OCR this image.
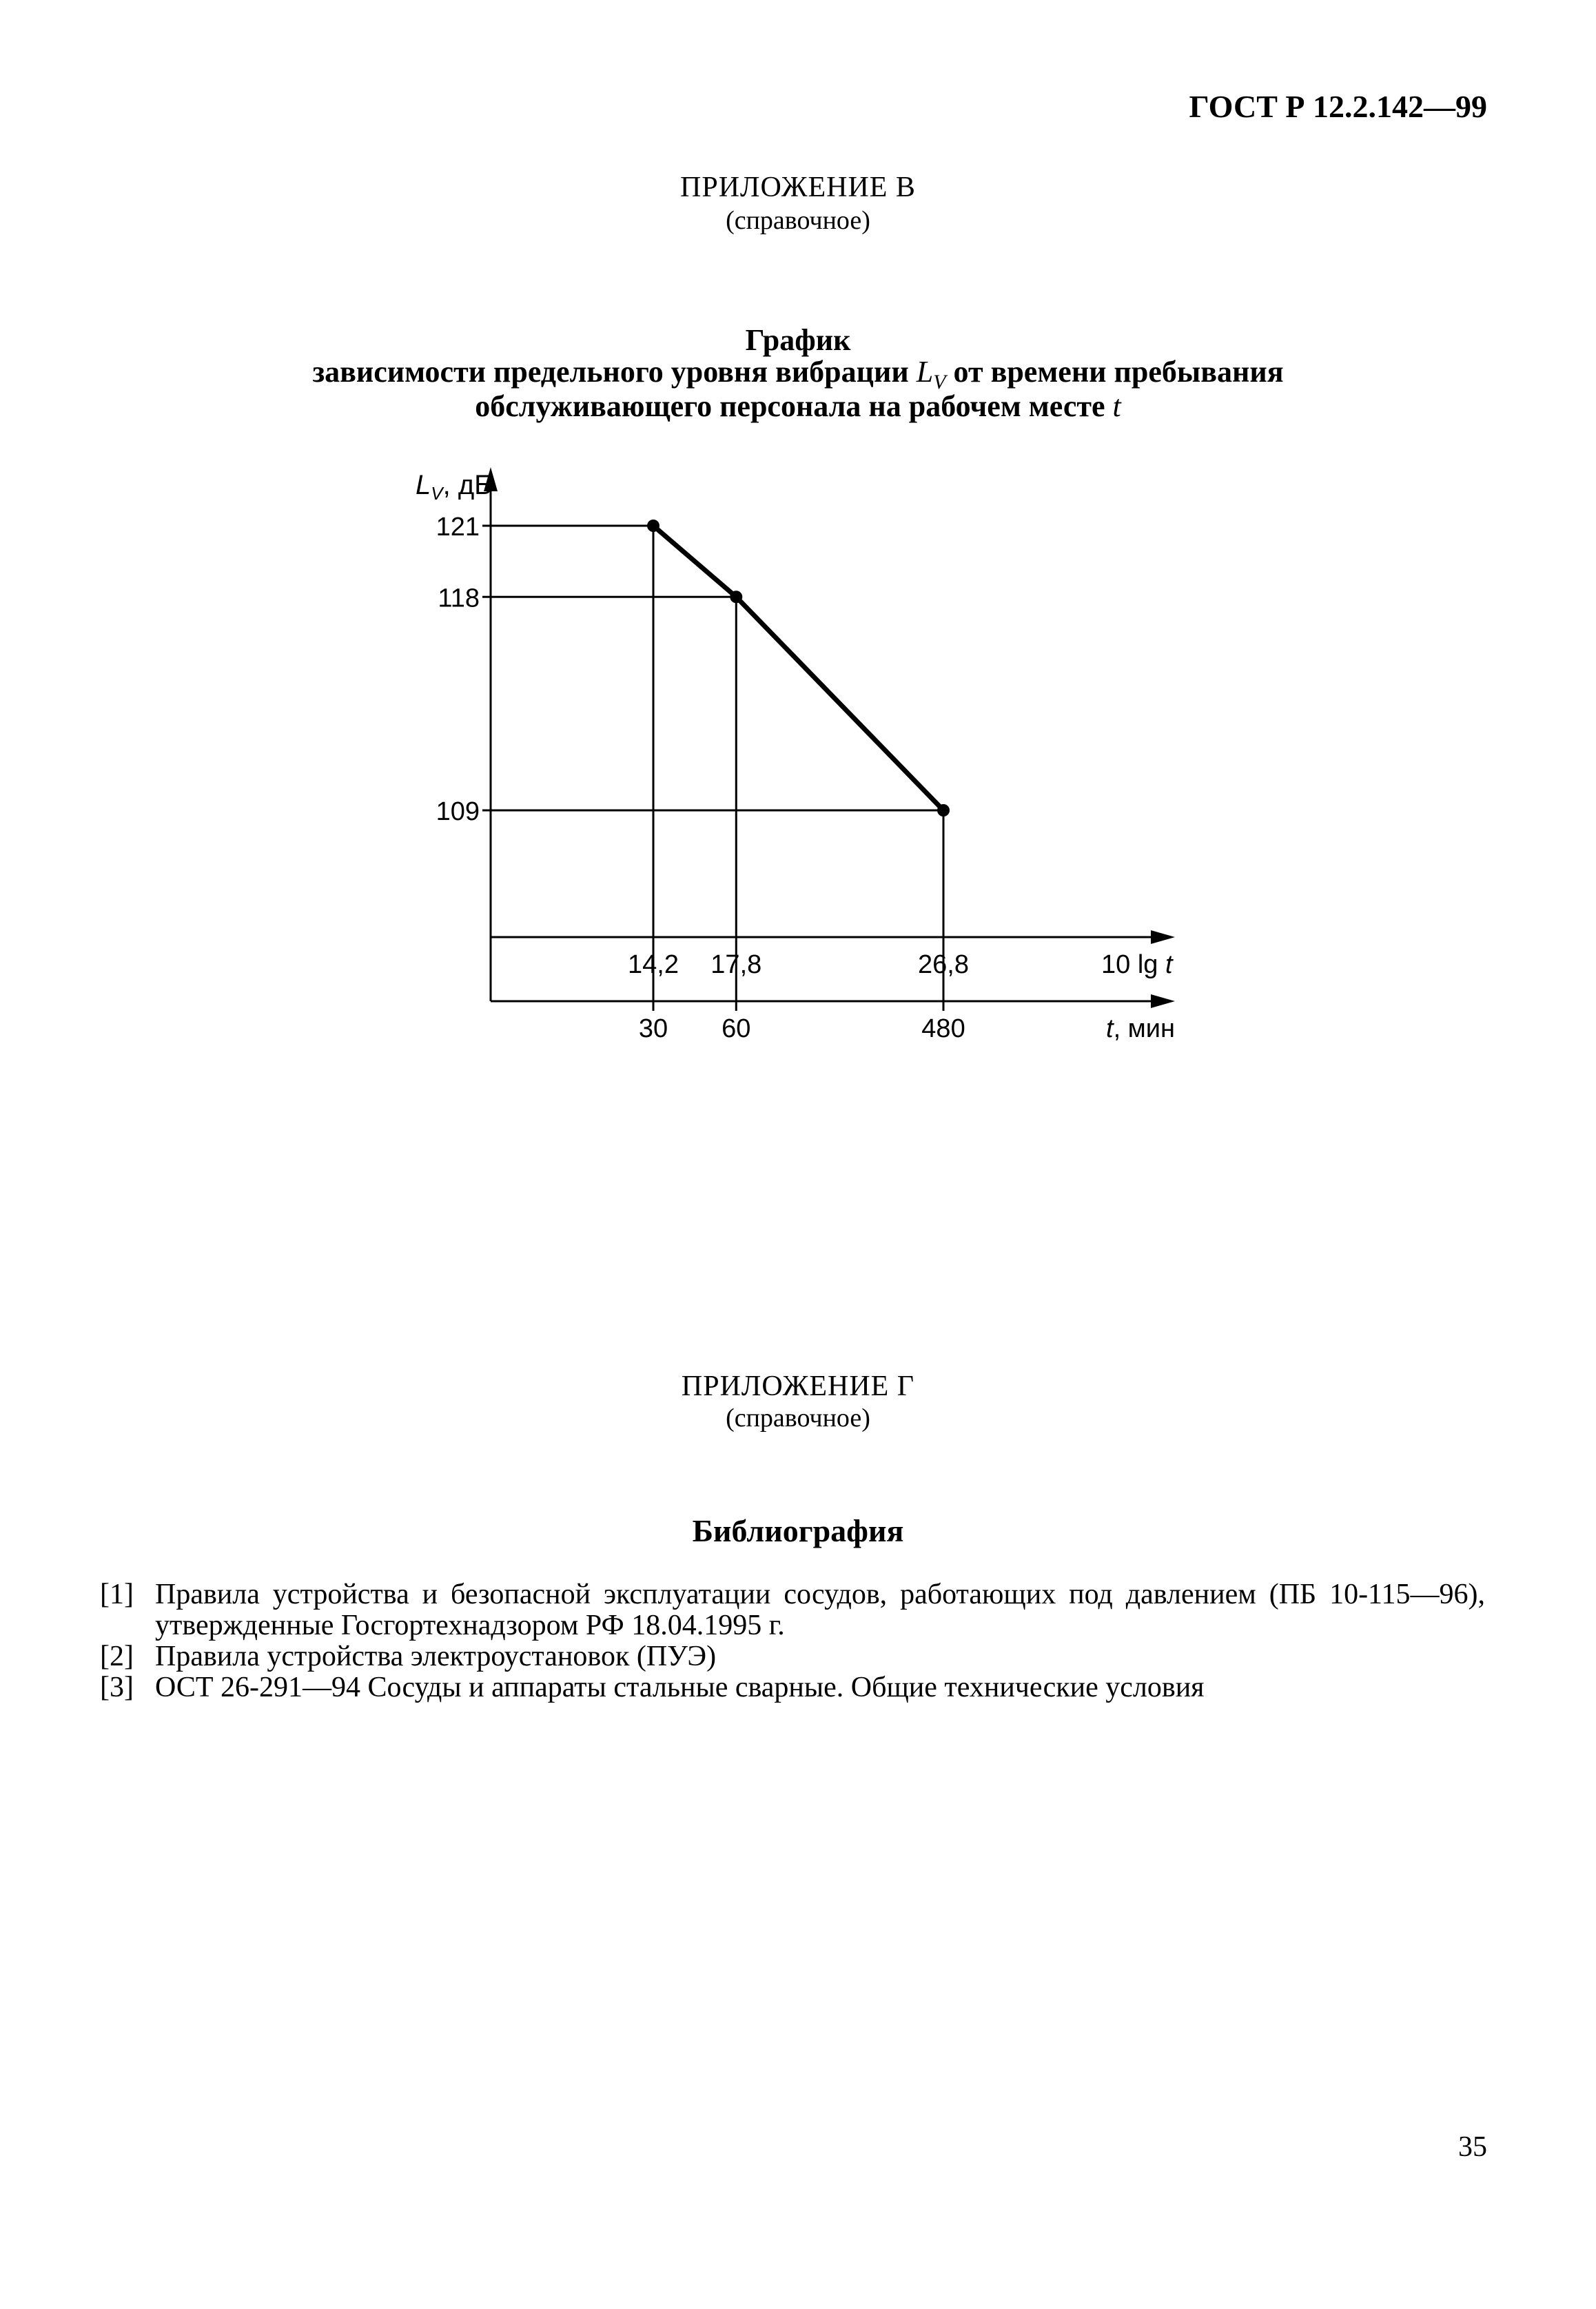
ГОСТ Р 12.2.142—99
ПРИЛОЖЕНИЕ В
(справочное)
График
зависимости предельного уровня вибрации $L_V$ от времени пребывания
обслуживающего персонала на рабочем месте t
121
14,2
30
118
17,8
60
109
26,8
480
$L_V$, дБ
10 lg t
t, мин
ПРИЛОЖЕНИЕ Г
(справочное)
Библиография
[1] Правила устройства и безопасной эксплуатации сосудов, работающих под давлением (ПБ 10-115—96),
утвержденные Госгортехнадзором РФ 18.04.1995 г.
[2] Правила устройства электроустановок (ПУЭ)
[3] ОСТ 26-291—94 Сосуды и аппараты стальные сварные. Общие технические условия
35
